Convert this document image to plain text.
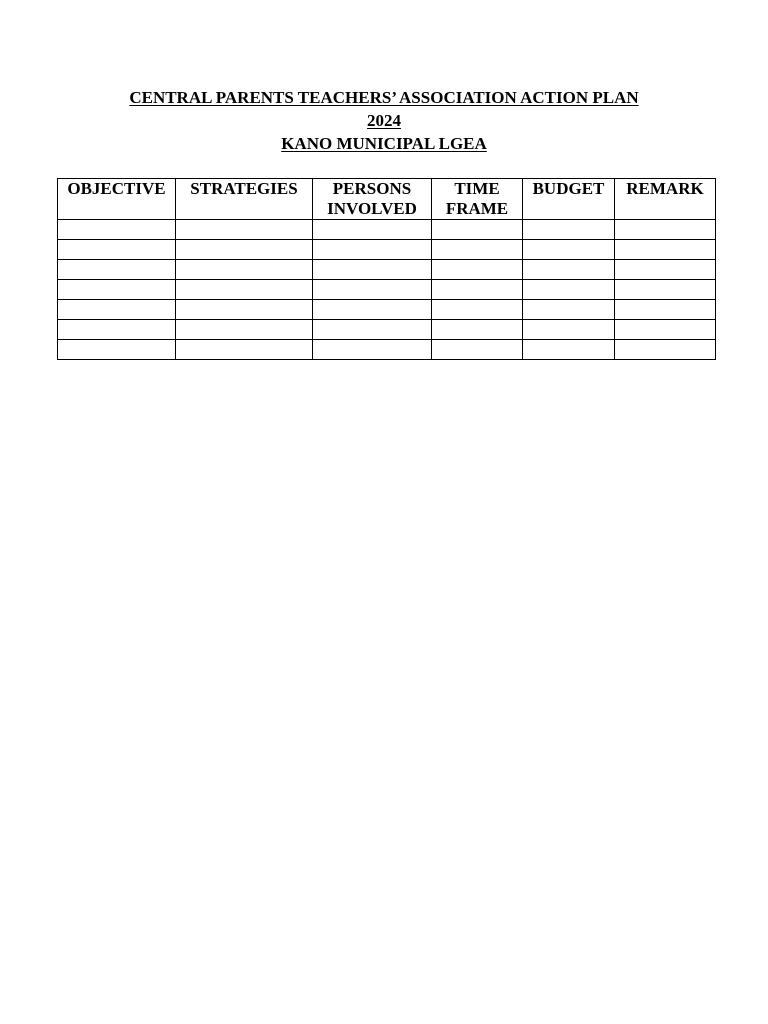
CENTRAL PARENTS TEACHERS’ ASSOCIATION ACTION PLAN
2024
KANO MUNICIPAL LGEA
OBJECTIVE	STRATEGIES	PERSONS INVOLVED	TIME FRAME	BUDGET	REMARK
